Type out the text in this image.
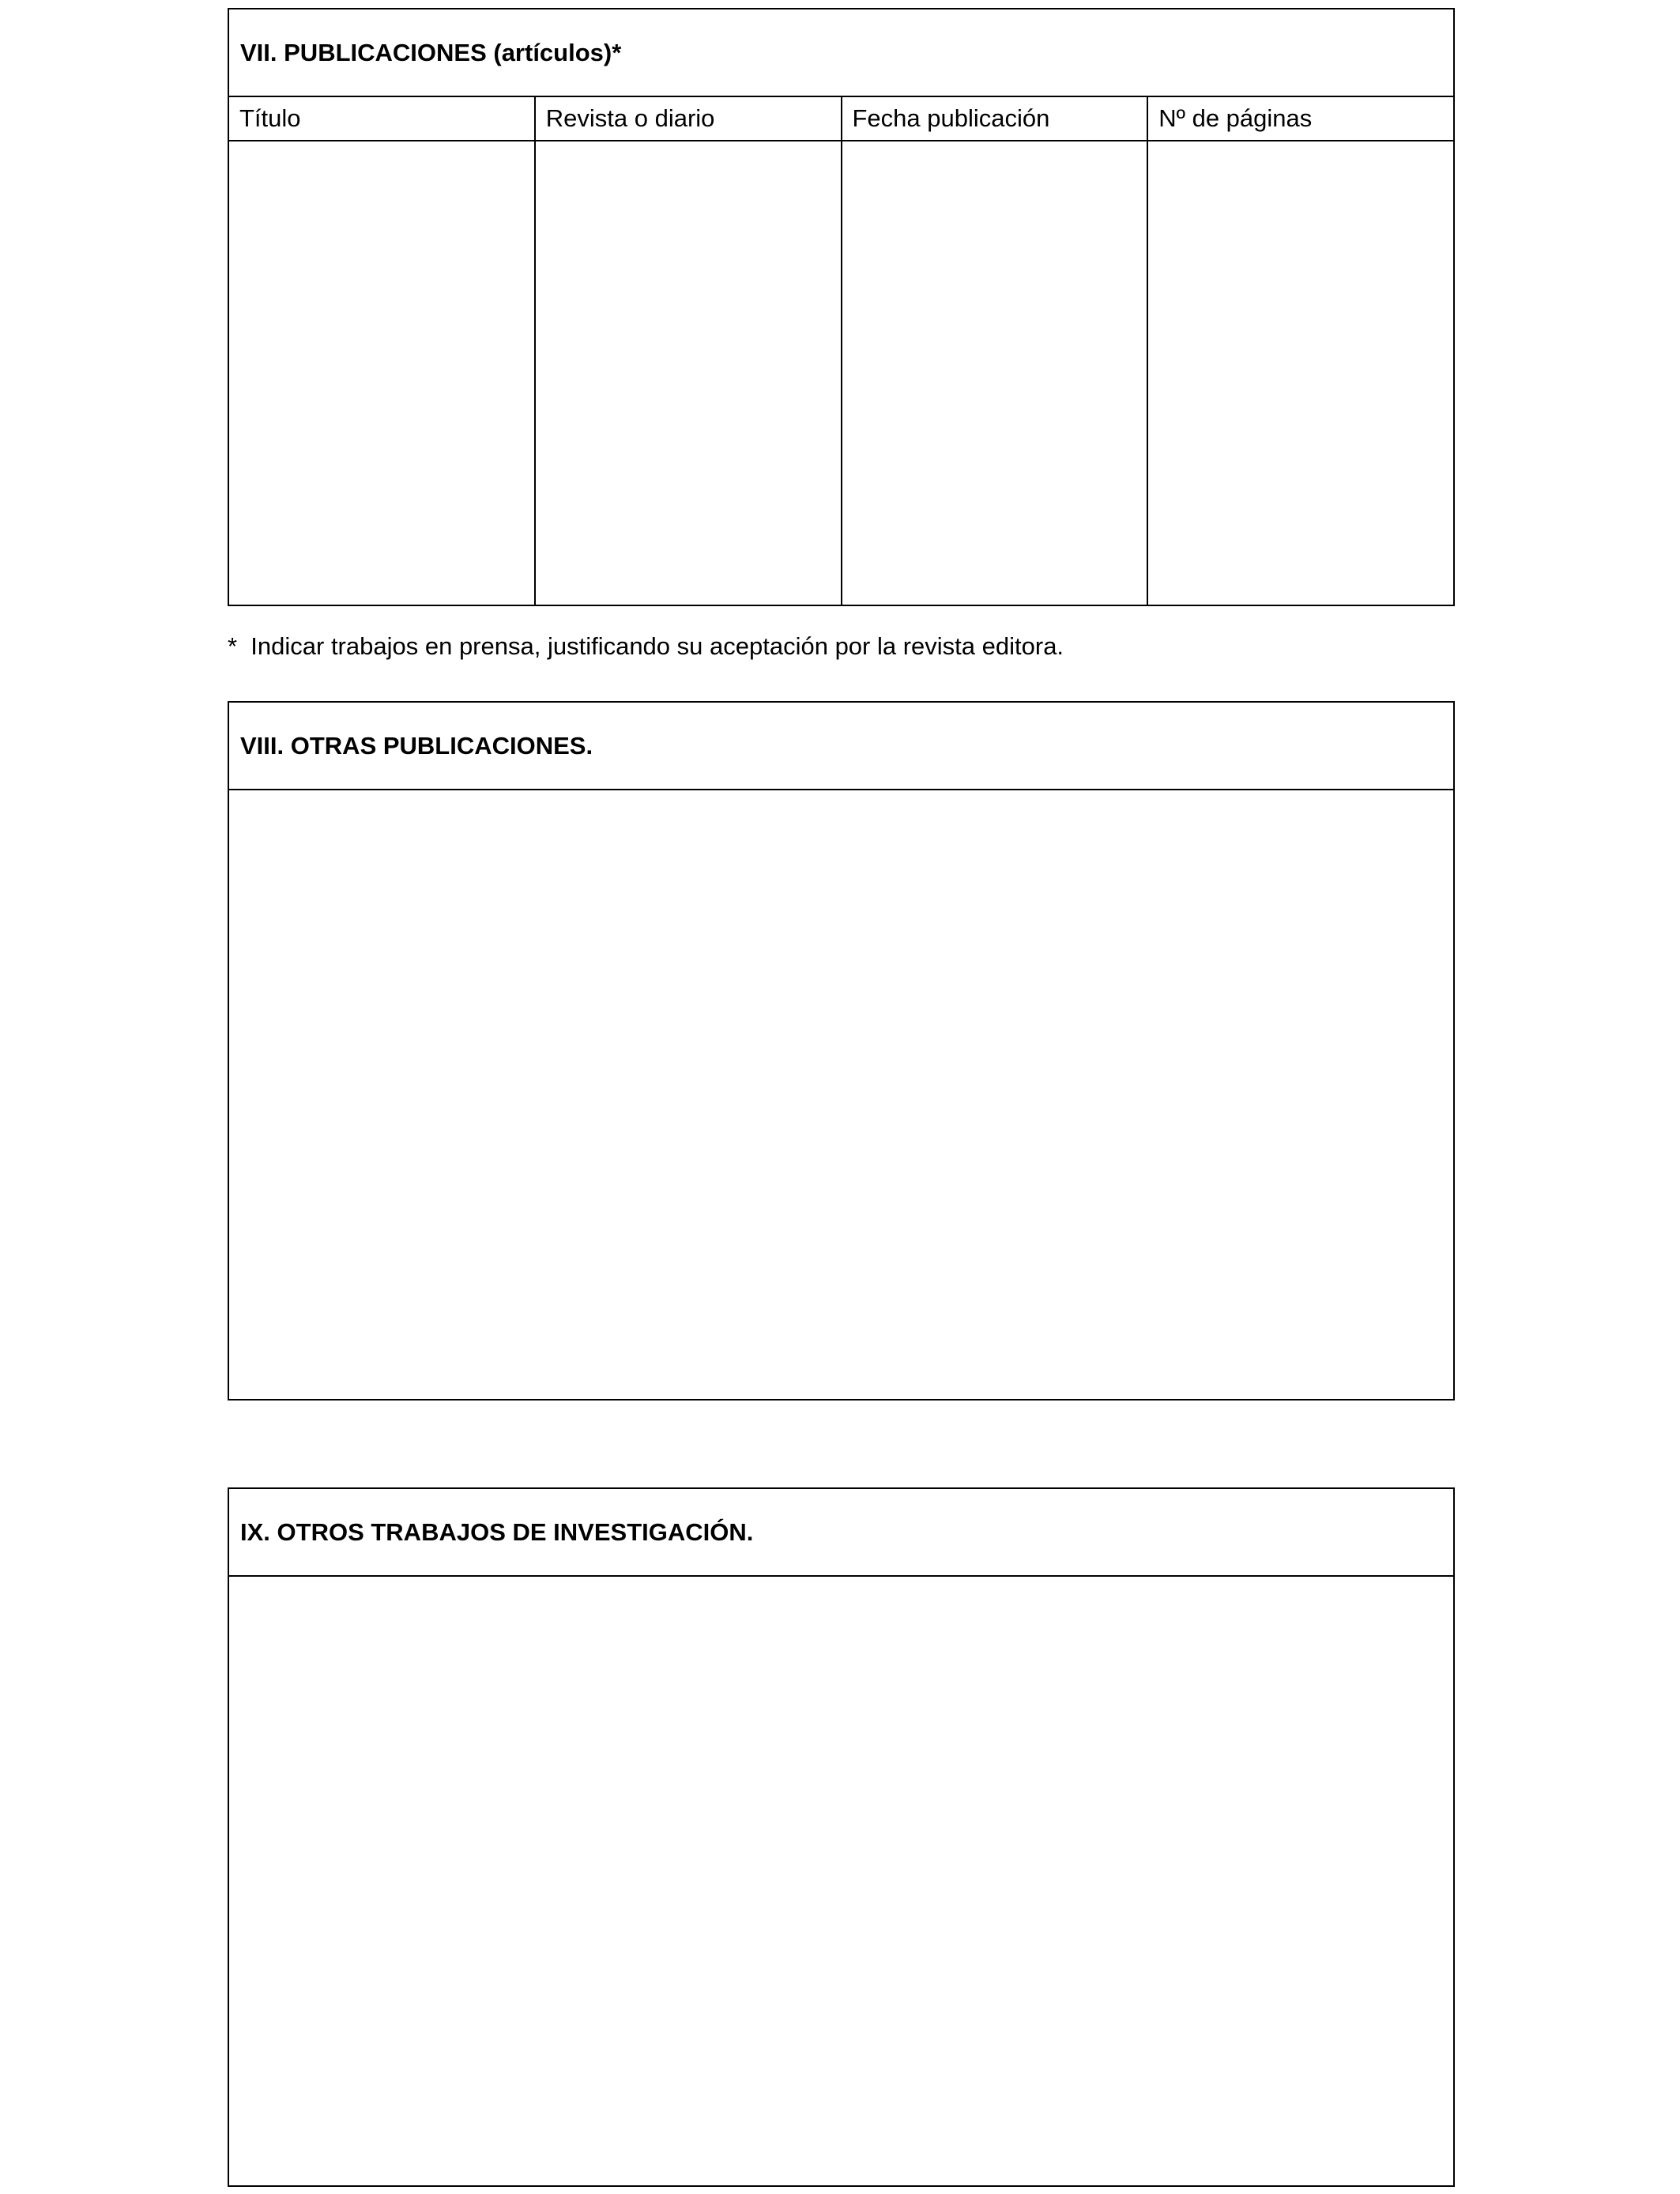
VII. PUBLICACIONES (artículos)*
Título	Revista o diario	Fecha publicación	Nº de páginas
*  Indicar trabajos en prensa, justificando su aceptación por la revista editora.
VIII. OTRAS PUBLICACIONES.
IX. OTROS TRABAJOS DE INVESTIGACIÓN.
